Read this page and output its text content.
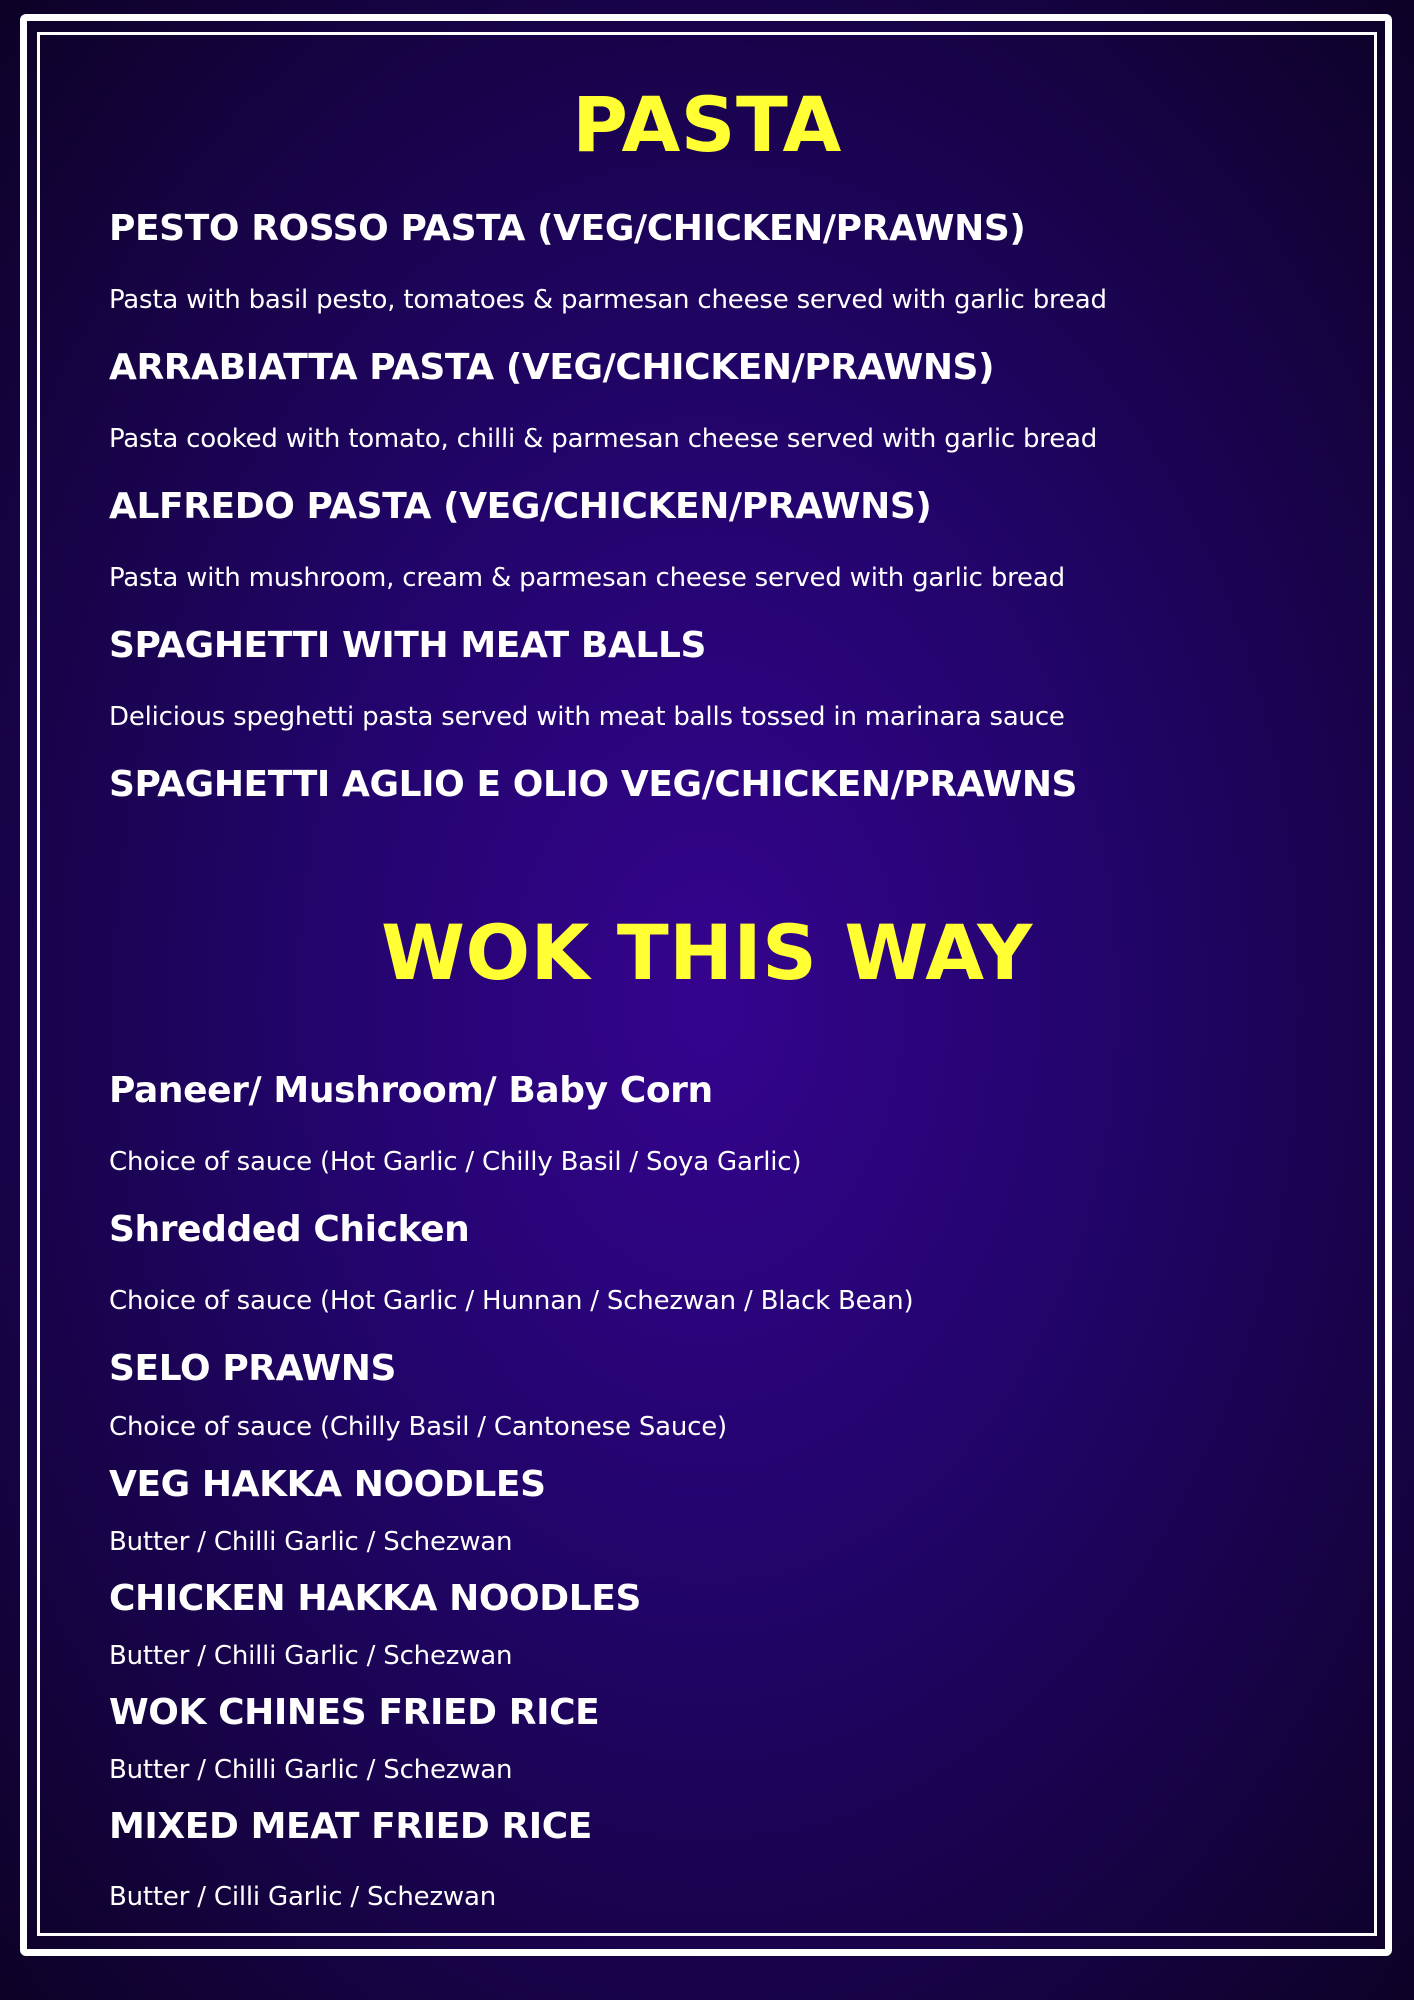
PASTA
PESTO ROSSO PASTA (VEG/CHICKEN/PRAWNS)

Pasta with basil pesto, tomatoes & parmesan cheese served with garlic bread

ARRABIATTA PASTA (VEG/CHICKEN/PRAWNS)

Pasta cooked with tomato, chilli & parmesan cheese served with garlic bread

ALFREDO PASTA (VEG/CHICKEN/PRAWNS)

Pasta with mushroom, cream & parmesan cheese served with garlic bread

SPAGHETTI WITH MEAT BALLS

Delicious speghetti pasta served with meat balls tossed in marinara sauce

SPAGHETTI AGLIO E OLIO VEG/CHICKEN/PRAWNS
WOK THIS WAY
Paneer/ Mushroom/ Baby Corn

Choice of sauce (Hot Garlic / Chilly Basil / Soya Garlic)

Shredded Chicken

Choice of sauce (Hot Garlic / Hunnan / Schezwan / Black Bean)

SELO PRAWNS

Choice of sauce (Chilly Basil / Cantonese Sauce)

VEG HAKKA NOODLES

Butter / Chilli Garlic / Schezwan

CHICKEN HAKKA NOODLES

Butter / Chilli Garlic / Schezwan

WOK CHINES FRIED RICE

Butter / Chilli Garlic / Schezwan

MIXED MEAT FRIED RICE

Butter / Cilli Garlic / Schezwan
